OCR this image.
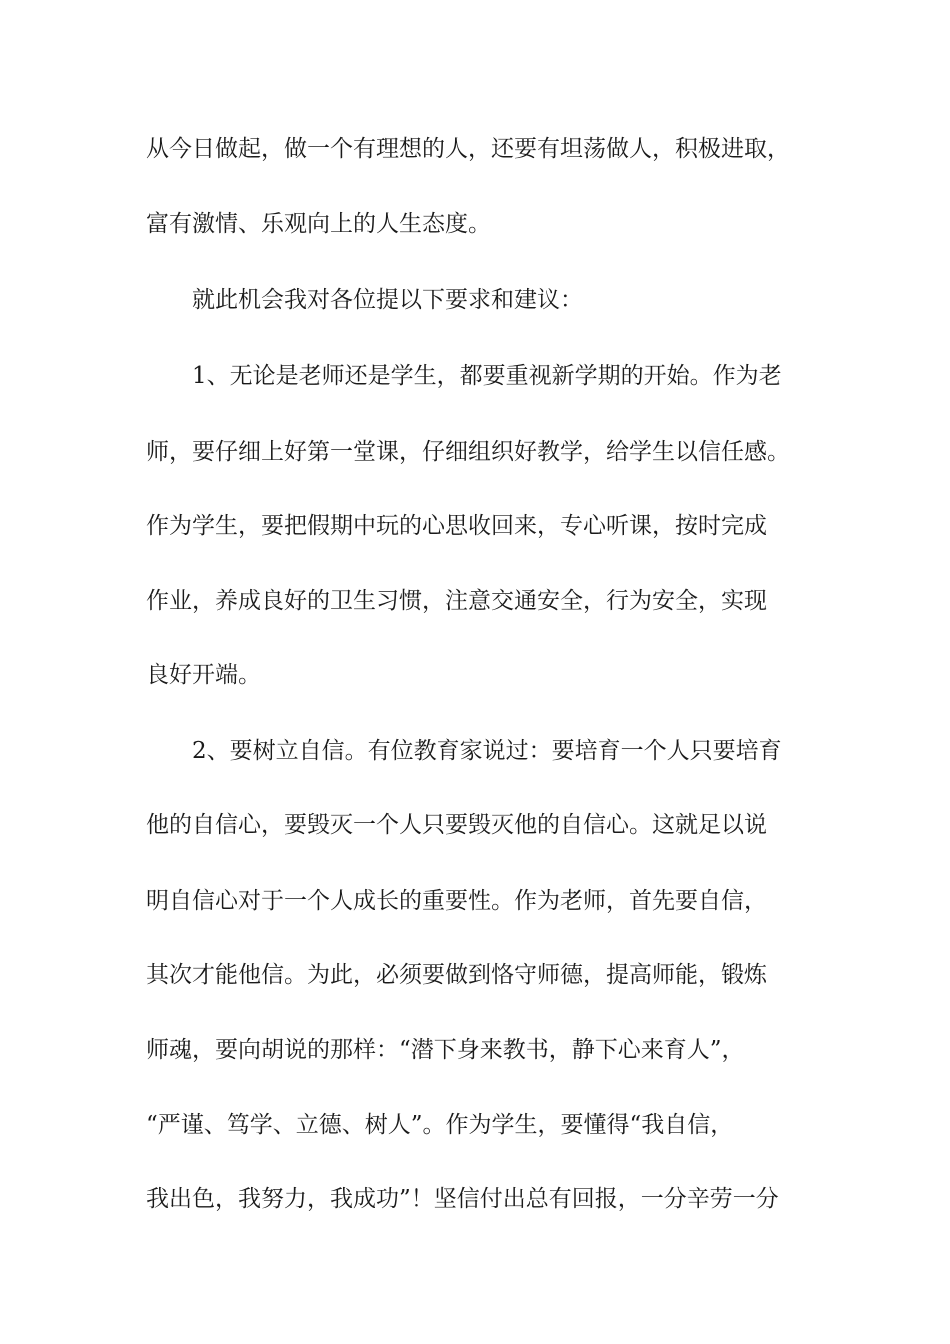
从今日做起，做一个有理想的人，还要有坦荡做人，积极进取，
富有激情、乐观向上的人生态度。
就此机会我对各位提以下要求和建议：
1、无论是老师还是学生，都要重视新学期的开始。作为老
师，要仔细上好第一堂课，仔细组织好教学，给学生以信任感。
作为学生，要把假期中玩的心思收回来，专心听课，按时完成
作业，养成良好的卫生习惯，注意交通安全，行为安全，实现
良好开端。
2、要树立自信。有位教育家说过：要培育一个人只要培育
他的自信心，要毁灭一个人只要毁灭他的自信心。这就足以说
明自信心对于一个人成长的重要性。作为老师，首先要自信，
其次才能他信。为此，必须要做到恪守师德，提高师能，锻炼
师魂，要向胡说的那样：“潜下身来教书，静下心来育人”，
“严谨、笃学、立德、树人”。作为学生，要懂得“我自信，
我出色，我努力，我成功”！坚信付出总有回报，一分辛劳一分
